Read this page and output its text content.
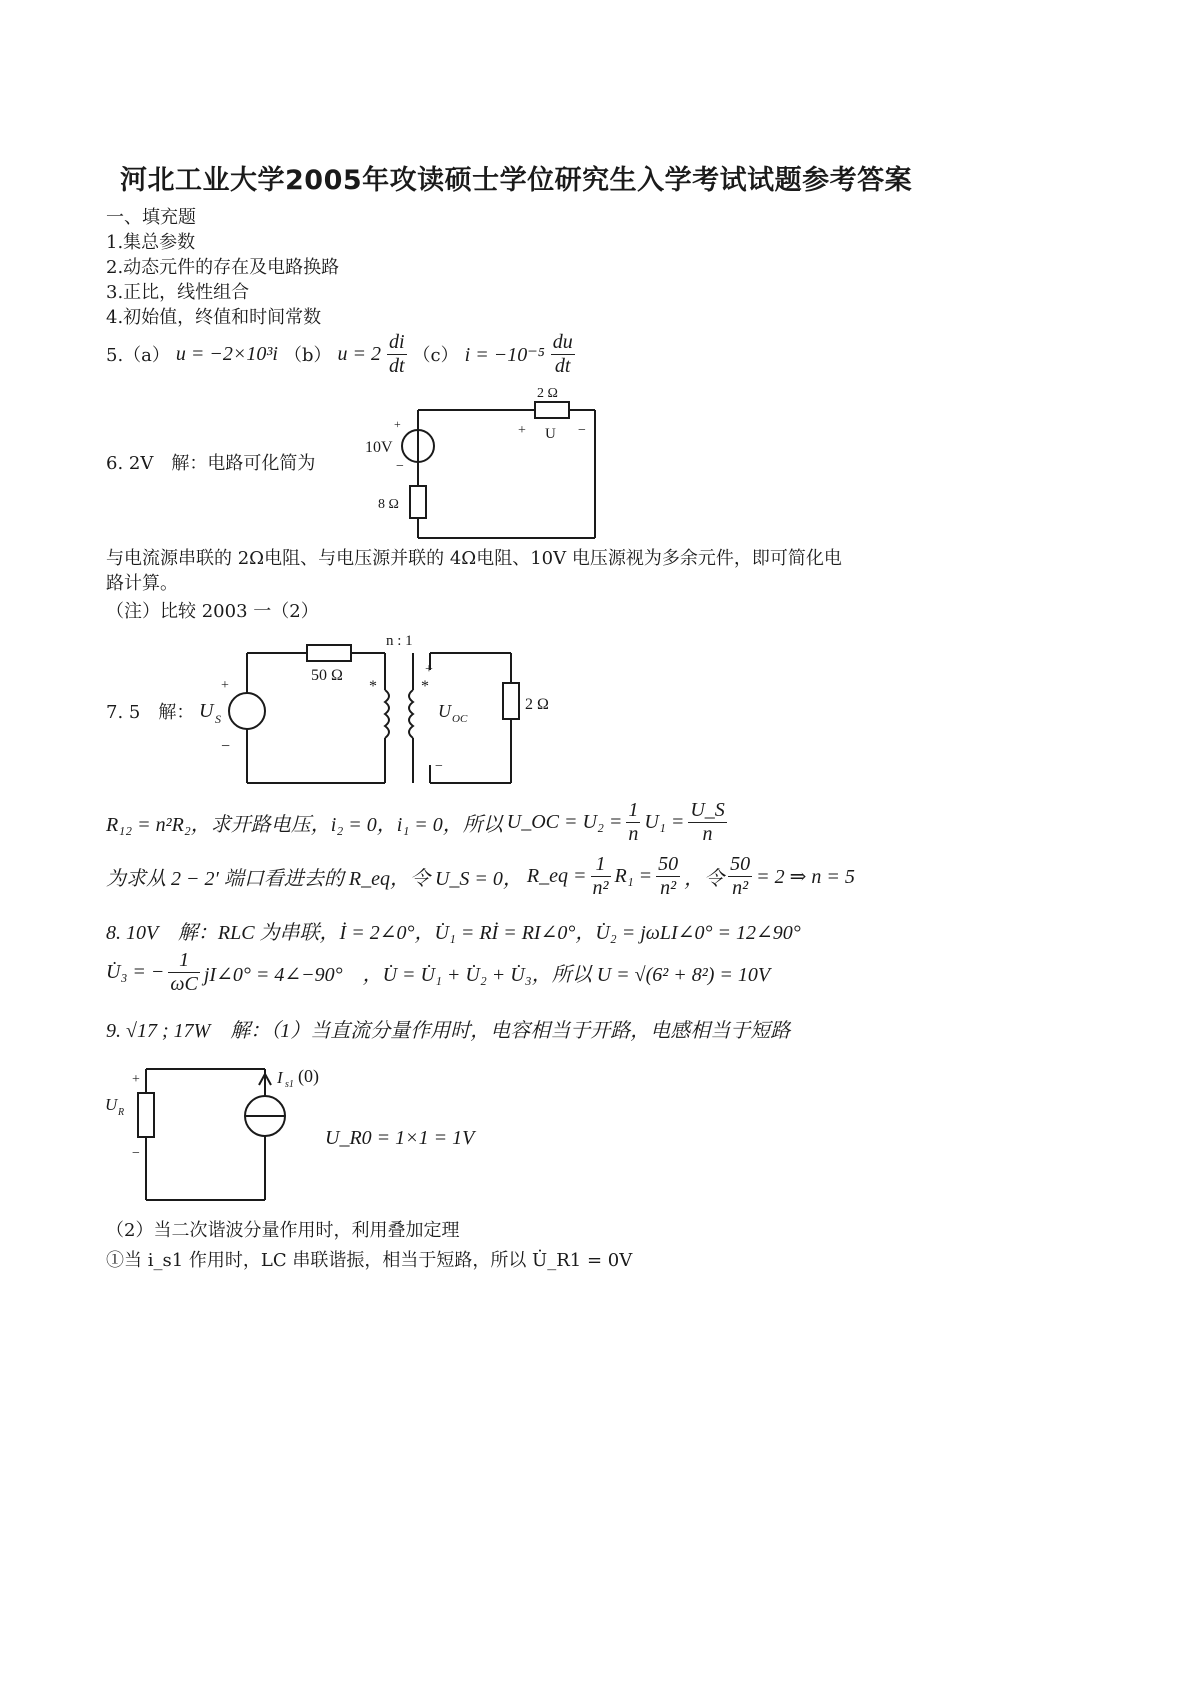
河北工业大学2005年攻读硕士学位研究生入学考试试题参考答案
一、填充题
1.集总参数
2.动态元件的存在及电路换路
3.正比，线性组合
4.初始值，终值和时间常数
5.（a） u = −2×10³i （b） $u = 2 \frac{di}{dt} (c) i = -10^{-5} \frac{du}{dt}$
6. 2V　解：电路可化简为
2 Ω
10V
+
−
8 Ω
+ U −
与电流源串联的 2Ω电阻、与电压源并联的 4Ω电阻、10V 电压源视为多余元件，即可简化电
路计算。
（注）比较 2003 一（2）
7. 5　解：
50 Ω
n : 1
*	*
+
−
U S
+
U OC
−
2 Ω
R₁₂ = n²R₂，求开路电压，i₂ = 0，i₁ = 0，所以 U_OC = $U_2 = \frac{1}{n} U_1 = \frac{U\_S}{n}$
为求从 2 − 2′ 端口看进去的 R_eq，令 U_S = 0， R_eq = $\frac{1}{\text{n²}} R_1 = \frac{50}{\text{n²}}$ ，令 $\frac{50}{\text{n²}} = 2$ ⇒ n = 5
8. 10V　解：RLC 为串联，İ = 2∠0°，U̇₁ = Rİ = RI∠0°，U̇₂ = jωLI∠0° = 12∠90°
U̇₃ = − $\frac{1}{\omega C}$ jI∠0° = 4∠−90°　，U̇ = U̇₁ + U̇₂ + U̇₃，所以 U = √(6² + 8²) = 10V
9. √17 ; 17W　解：（1）当直流分量作用时，电容相当于开路，电感相当于短路
+
U R
−
I s1 (0)
U_R0 = 1×1 = 1V
（2）当二次谐波分量作用时，利用叠加定理
①当 i_s1 作用时，LC 串联谐振，相当于短路，所以 U̇_R1 = 0V
